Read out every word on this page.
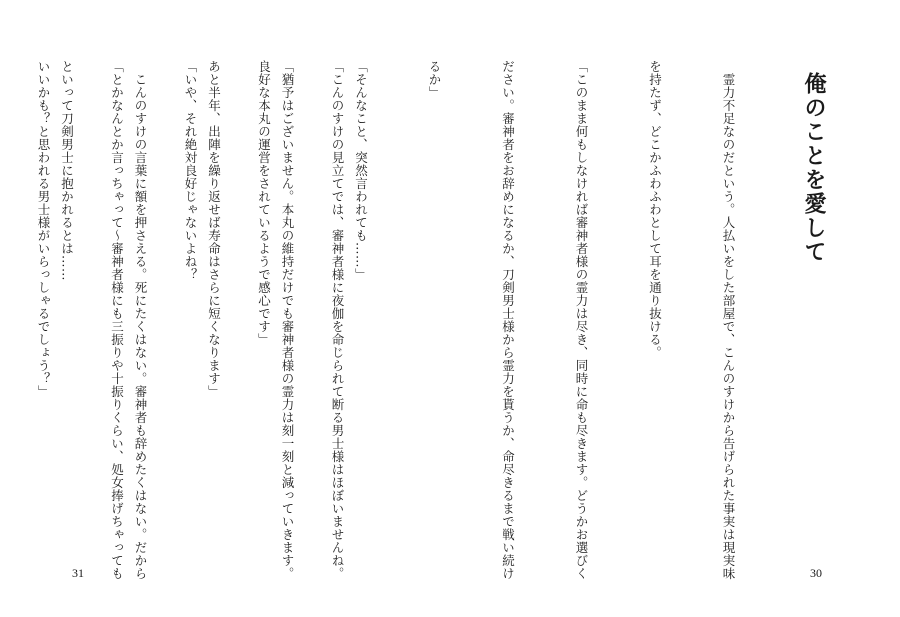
「こんのすけの見立てでは、審神者様に夜伽を命じられて断る男士様はほぼいませんね。

良好な本丸の運営をされているようで感心です」

「いや、それ絶対良好じゃないよね？

「とかなんとか言っちゃって～審神者様にも三振りや十振りくらい、処女捧げちゃっても

いいかも？と思われる男士様がいらっしゃるでしょう？」

31
俺のことを愛して

　霊力不足なのだという。人払いをした部屋で、こんのすけから告げられた事実は現実味

を持たず、どこかふわふわとして耳を通り抜ける。

「このまま何もしなければ審神者様の霊力は尽き、同時に命も尽きます。どうかお選びく

ださい。審神者をお辞めになるか、刀剣男士様から霊力を貰うか、命尽きるまで戦い続け

るか」

「そんなこと、突然言われても……」

「猶予はございません。本丸の維持だけでも審神者様の霊力は刻一刻と減っていきます。

あと半年、出陣を繰り返せば寿命はさらに短くなります」

　こんのすけの言葉に額を押さえる。死にたくはない。審神者も辞めたくはない。だから

といって刀剣男士に抱かれるとは……

30
